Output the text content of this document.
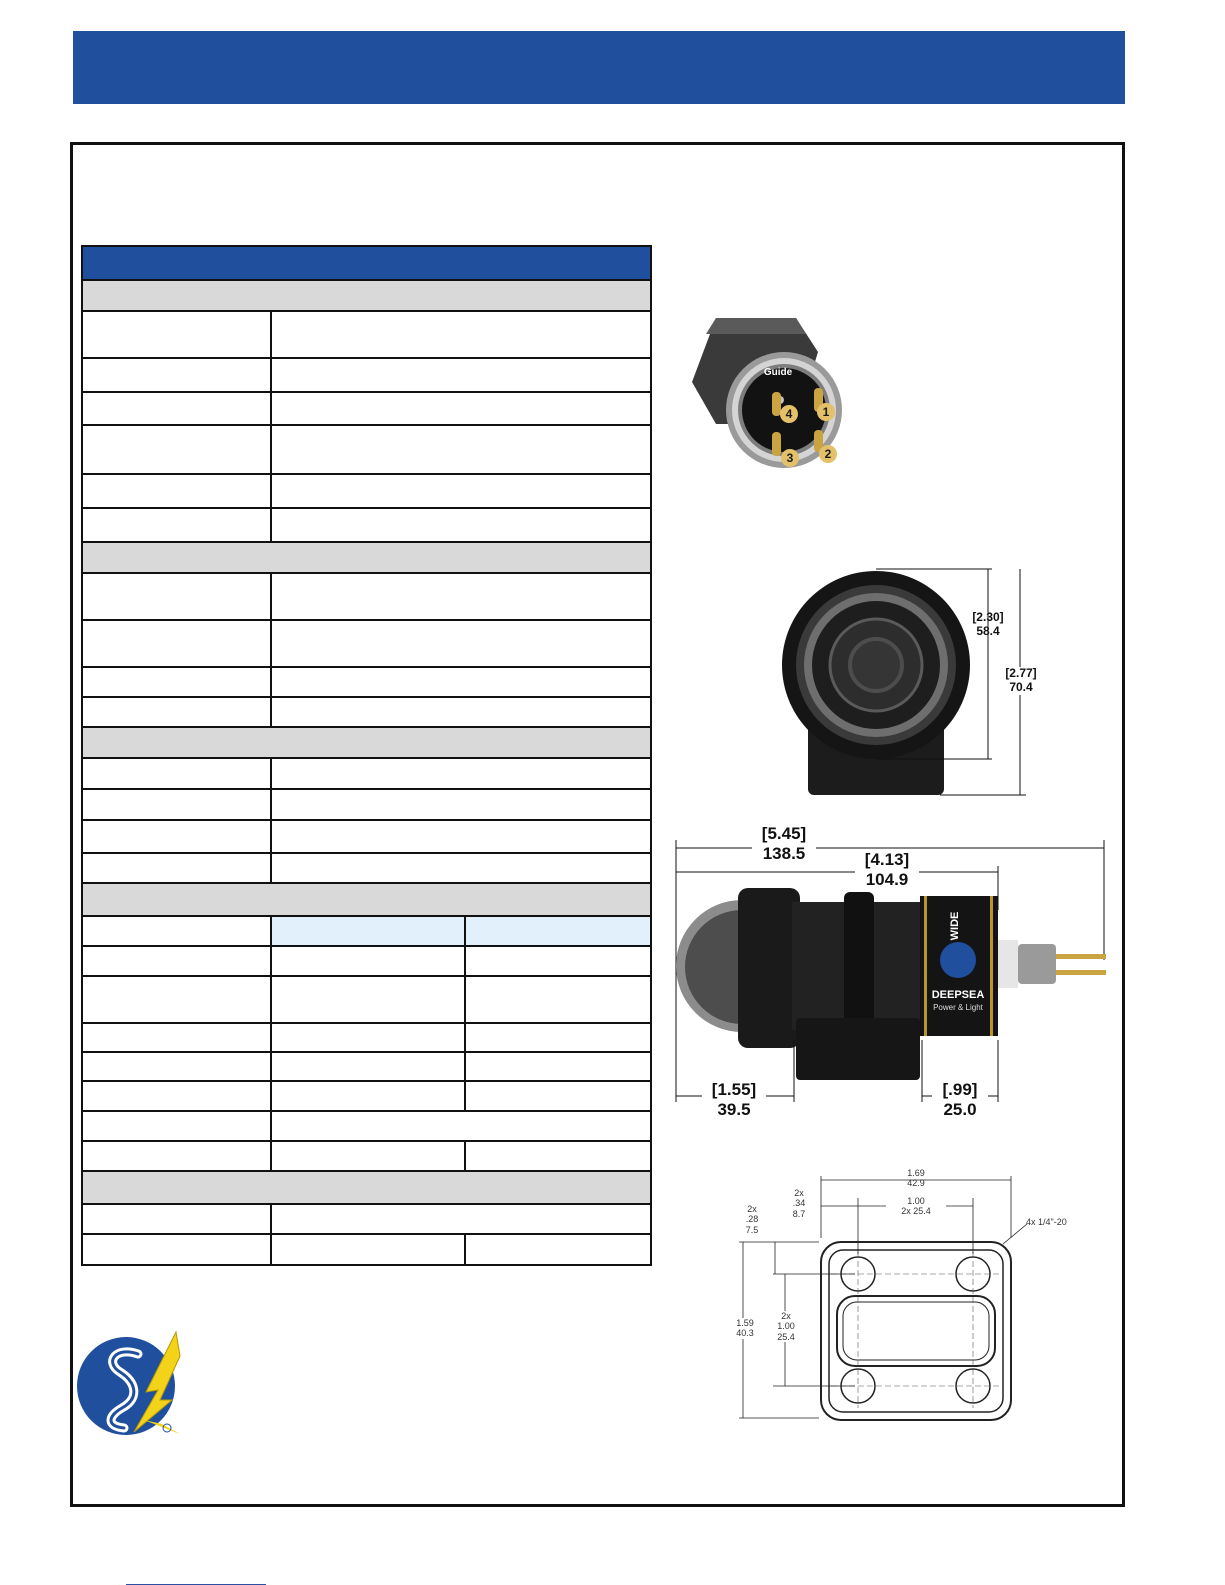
Guide
1
2
3
4
[2.30]
58.4
[2.77]
70.4
WIDE
DEEPSEA
Power & Light
[5.45]
138.5	[4.13]
104.9
[1.55]
39.5
[.99]
25.0
1.69
42.9
2x
.34
8.7
1.00
2x 25.4
2x
.28
7.5
1.59
40.3
2x
1.00
25.4
4x 1/4"-20
